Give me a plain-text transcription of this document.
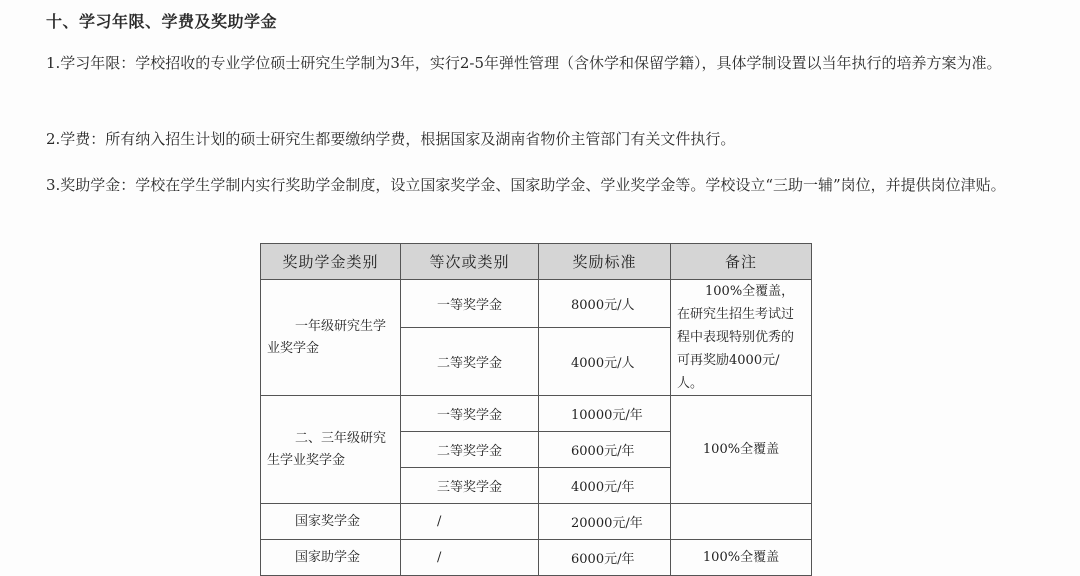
十、学习年限、学费及奖助学金

1.学习年限：学校招收的专业学位硕士研究生学制为3年，实行2-5年弹性管理（含休学和保留学籍），具体学制设置以当年执行的培养方案为准。

2.学费：所有纳入招生计划的硕士研究生都要缴纳学费，根据国家及湖南省物价主管部门有关文件执行。

3.奖助学金：学校在学生学制内实行奖助学金制度，设立国家奖学金、国家助学金、学业奖学金等。学校设立“三助一辅”岗位，并提供岗位津贴。

奖助学金类别	等次或类别	奖励标准	备注

一年级研究生学
业奖学金	一等奖学金	8000元/人	100%全覆盖，在研究生招生考试过程中表现特别优秀的可再奖励4000元/人。
	二等奖学金	4000元/人	

二、三年级研究
生学业奖学金	一等奖学金	10000元/年	100%全覆盖
	二等奖学金	6000元/年	
	三等奖学金	4000元/年	
国家奖学金	/	20000元/年	
国家助学金	/	6000元/年	100%全覆盖
